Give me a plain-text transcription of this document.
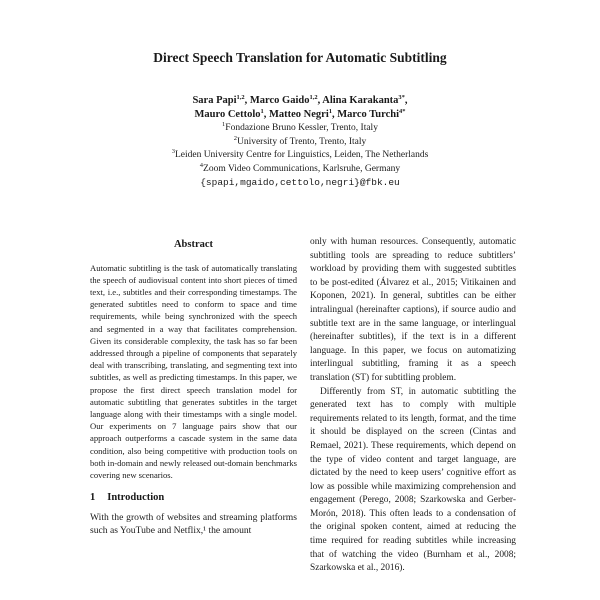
Direct Speech Translation for Automatic Subtitling
Sara Papi$^{1,2}$, Marco Gaido$^{1,2}$, Alina Karakanta$^{3*}$,
Mauro Cettolo$^1$, Matteo Negri$^1$, Marco Turchi$^{4*}$
$^1$Fondazione Bruno Kessler, Trento, Italy
$^2$University of Trento, Trento, Italy
$^3$Leiden University Centre for Linguistics, Leiden, The Netherlands
$^4$Zoom Video Communications, Karlsruhe, Germany
{spapi,mgaido,cettolo,negri}@fbk.eu
Abstract

Automatic subtitling is the task of automatically translating the speech of audiovisual content into short pieces of timed text, i.e., subtitles and their corresponding timestamps. The generated subtitles need to conform to space and time requirements, while being synchronized with the speech and segmented in a way that facilitates comprehension. Given its considerable complexity, the task has so far been addressed through a pipeline of components that separately deal with transcribing, translating, and segmenting text into subtitles, as well as predicting timestamps. In this paper, we propose the first direct speech translation model for automatic subtitling that generates subtitles in the target language along with their timestamps with a single model. Our experiments on 7 language pairs show that our approach outperforms a cascade system in the same data condition, also being competitive with production tools on both in-domain and newly released out-domain benchmarks covering new scenarios.

1 Introduction

With the growth of websites and streaming platforms such as YouTube and Netflix,¹ the amount

only with human resources. Consequently, automatic subtitling tools are spreading to reduce subtitlers’ workload by providing them with suggested subtitles to be post-edited (Álvarez et al., 2015; Vitikainen and Koponen, 2021). In general, subtitles can be either intralingual (hereinafter captions), if source audio and subtitle text are in the same language, or interlingual (hereinafter subtitles), if the text is in a different language. In this paper, we focus on automatizing interlingual subtitling, framing it as a speech translation (ST) for subtitling problem.

Differently from ST, in automatic subtitling the generated text has to comply with multiple requirements related to its length, format, and the time it should be displayed on the screen (Cintas and Remael, 2021). These requirements, which depend on the type of video content and target language, are dictated by the need to keep users’ cognitive effort as low as possible while maximizing comprehension and engagement (Perego, 2008; Szarkowska and Gerber-Morón, 2018). This often leads to a condensation of the original spoken content, aimed at reducing the time required for reading subtitles while increasing that of watching the video (Burnham et al., 2008; Szarkowska et al., 2016).
